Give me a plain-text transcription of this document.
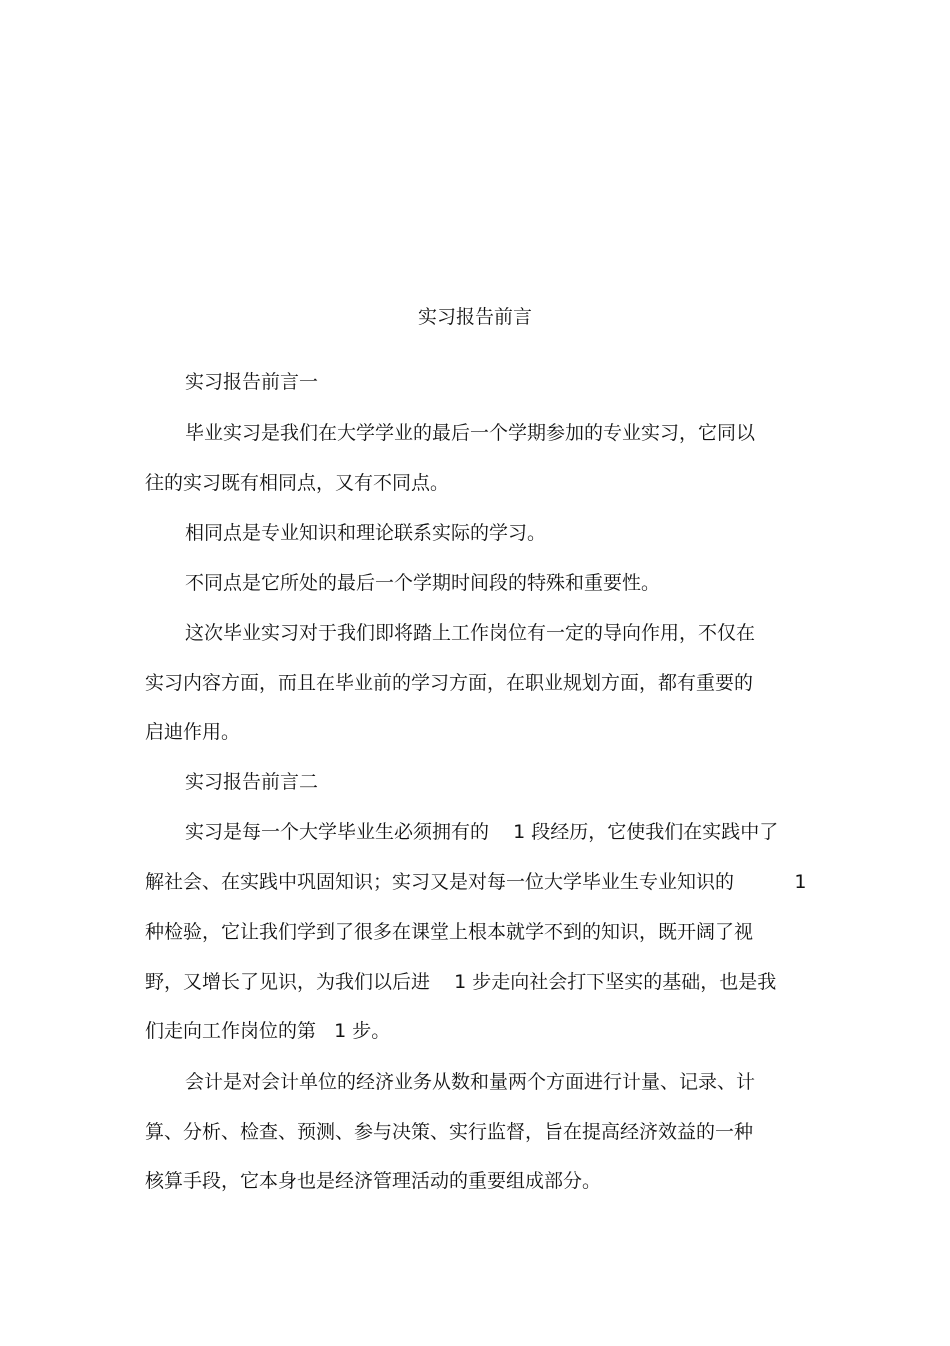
实习报告前言

实习报告前言一

毕业实习是我们在大学学业的最后一个学期参加的专业实习，它同以

往的实习既有相同点，又有不同点。

相同点是专业知识和理论联系实际的学习。

不同点是它所处的最后一个学期时间段的特殊和重要性。

这次毕业实习对于我们即将踏上工作岗位有一定的导向作用，不仅在

实习内容方面，而且在毕业前的学习方面，在职业规划方面，都有重要的

启迪作用。

实习报告前言二

实习是每一个大学毕业生必须拥有的    1 段经历，它使我们在实践中了

解社会、在实践中巩固知识；实习又是对每一位大学毕业生专业知识的          1

种检验，它让我们学到了很多在课堂上根本就学不到的知识，既开阔了视

野，又增长了见识，为我们以后进    1 步走向社会打下坚实的基础，也是我

们走向工作岗位的第   1 步。

会计是对会计单位的经济业务从数和量两个方面进行计量、记录、计

算、分析、检查、预测、参与决策、实行监督，旨在提高经济效益的一种

核算手段，它本身也是经济管理活动的重要组成部分。
